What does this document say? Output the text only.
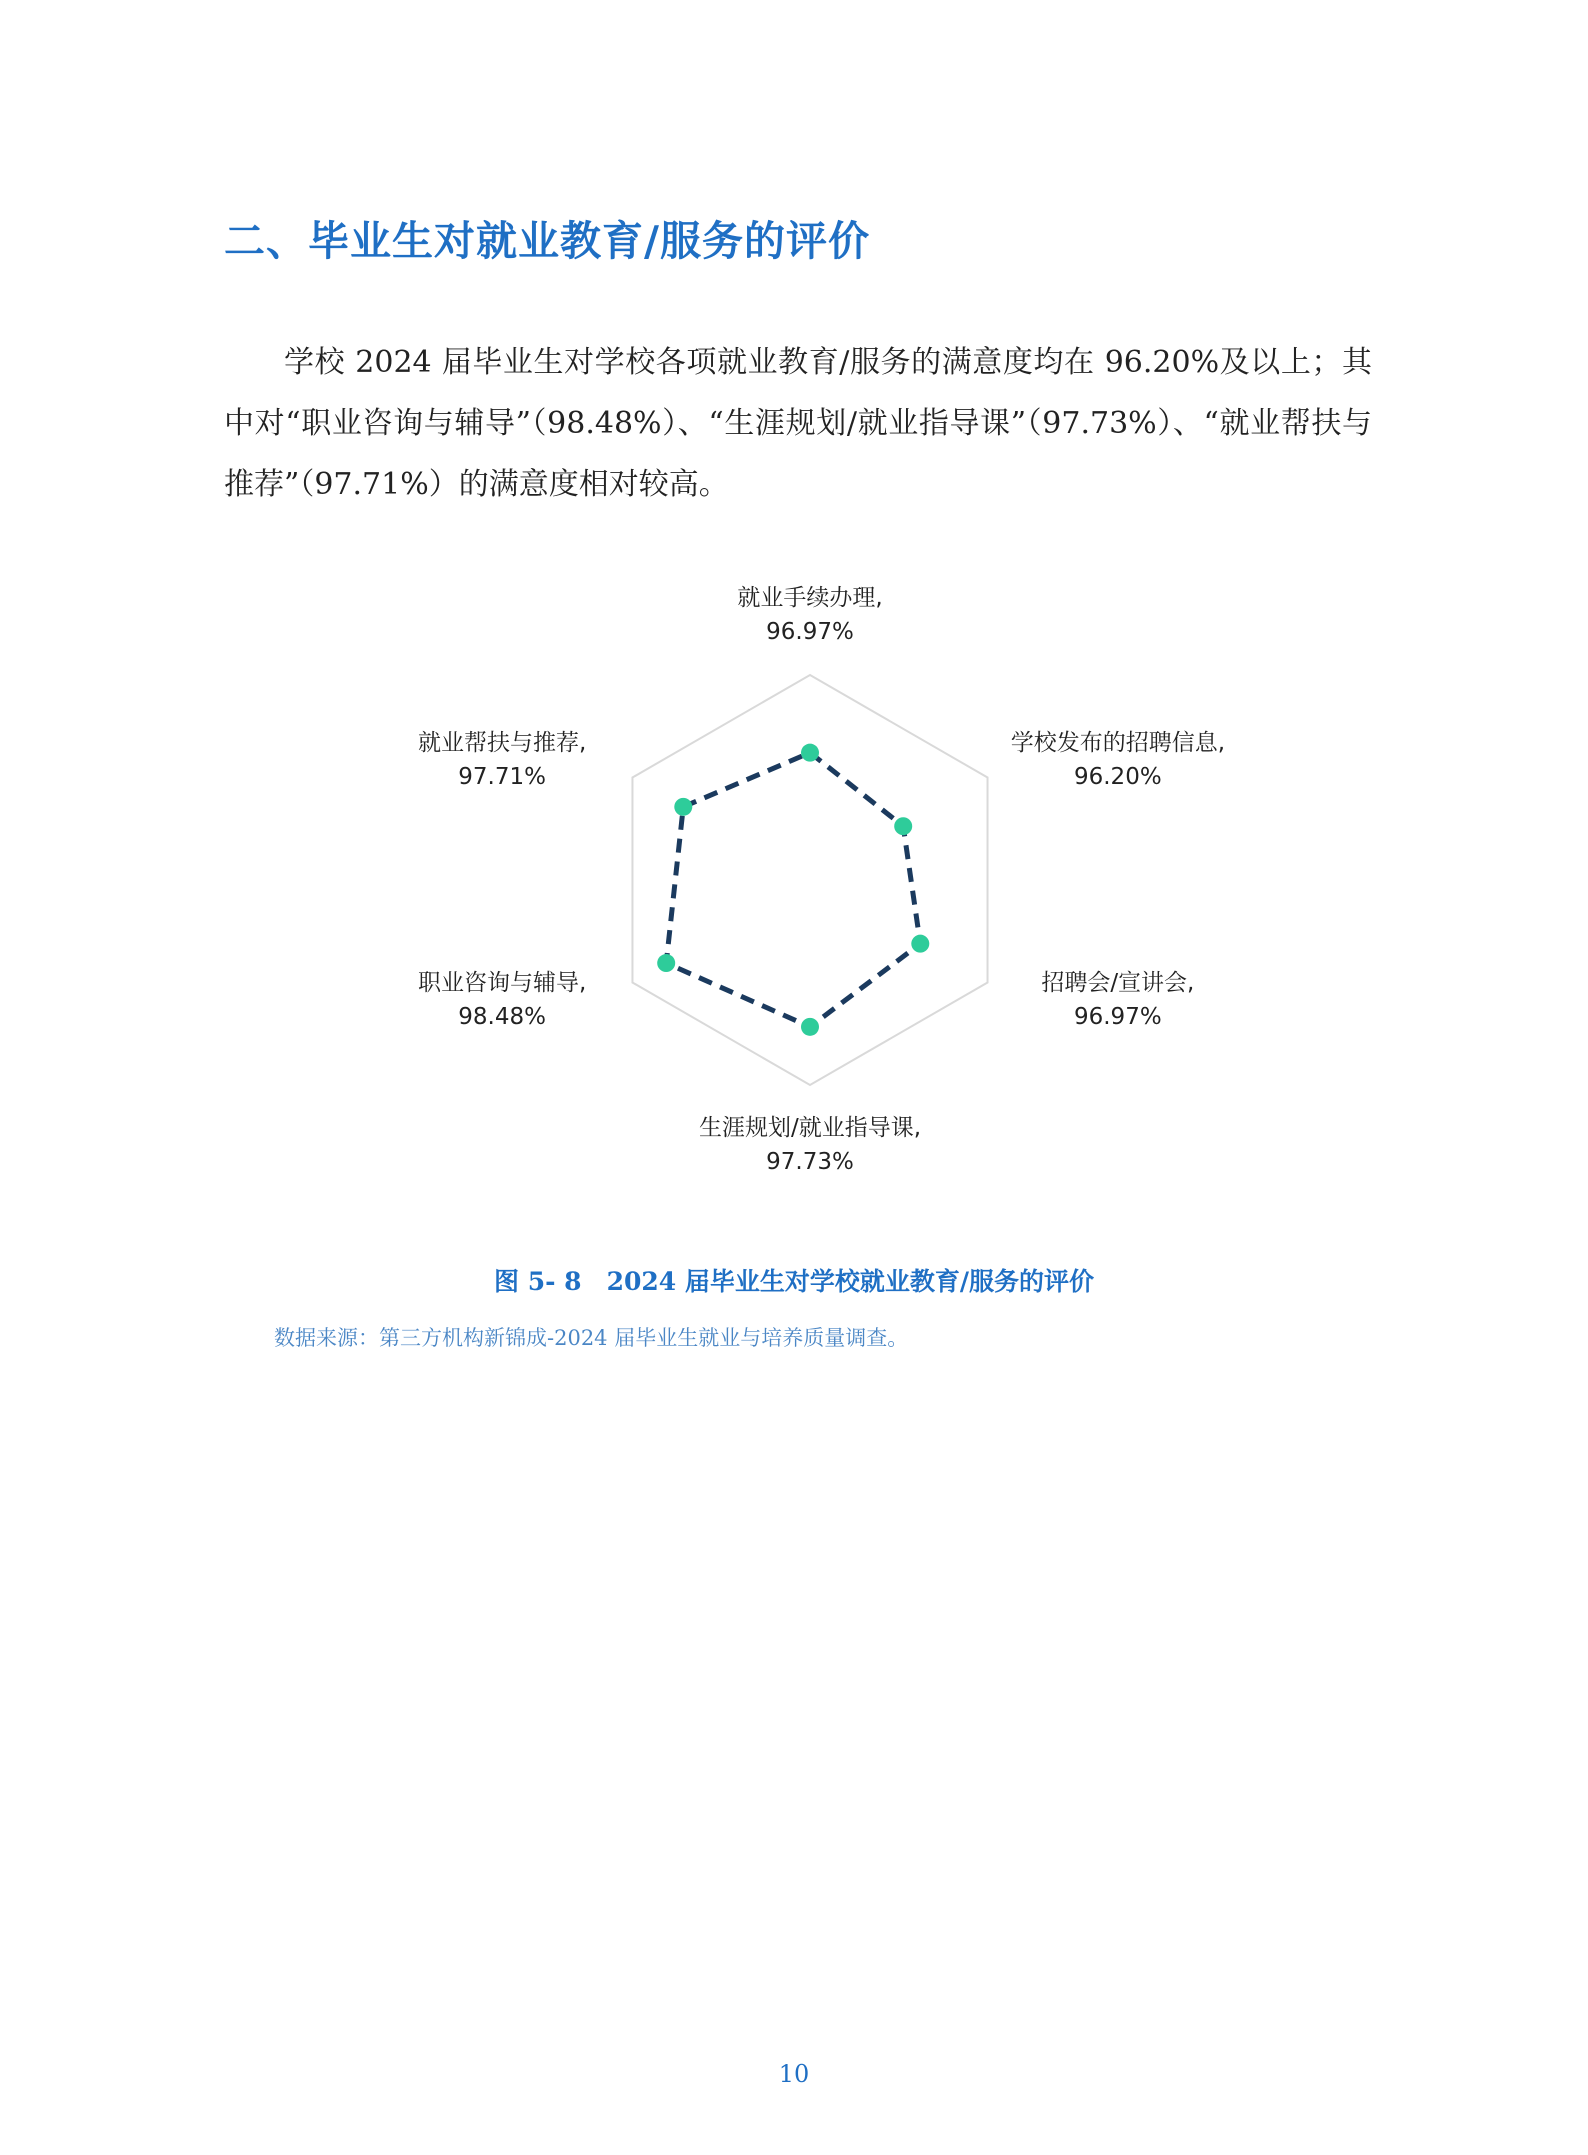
二、毕业生对就业教育/服务的评价

学校 2024 届毕业生对学校各项就业教育/服务的满意度均在 96.20%及以上；其中对“职业咨询与辅导”（98.48%）、“生涯规划/就业指导课”（97.73%）、“就业帮扶与推荐”（97.71%）的满意度相对较高。

就业手续办理,
96.97%
学校发布的招聘信息,
96.20%
招聘会/宣讲会,
96.97%
生涯规划/就业指导课,
97.73%
职业咨询与辅导,
98.48%
就业帮扶与推荐,
97.71%
图 5- 8　2024 届毕业生对学校就业教育/服务的评价
数据来源：第三方机构新锦成-2024 届毕业生就业与培养质量调查。
10
